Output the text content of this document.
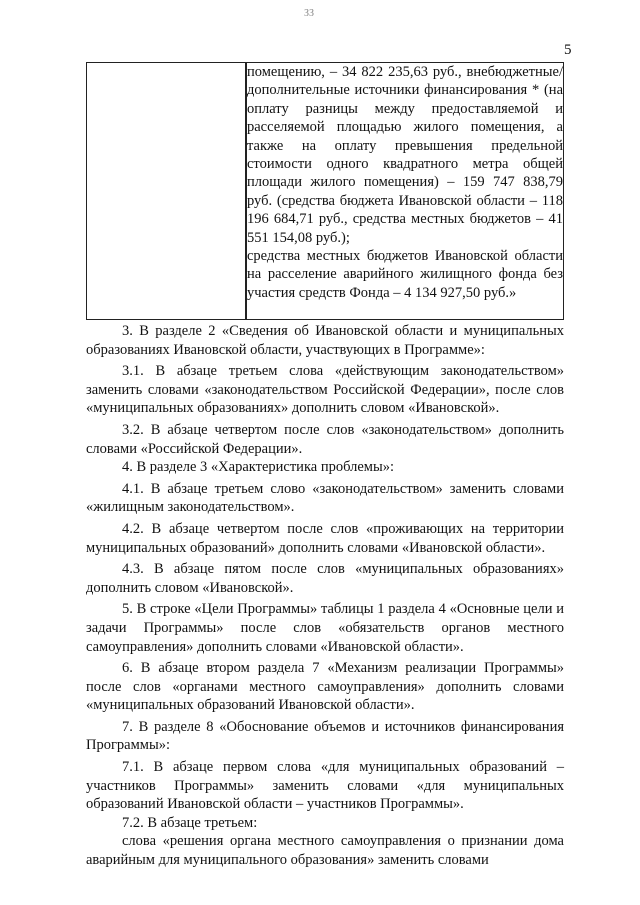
ЗЗ
5

помещению, – 34 822 235,63 руб., внебюджетные/дополнительные источники финансирования * (на оплату разницы между предоставляемой и расселяемой площадью жилого помещения, а также на оплату превышения предельной стоимости одного квадратного метра общей площади жилого помещения) – 159 747 838,79 руб. (средства бюджета Ивановской области – 118 196 684,71 руб., средства местных бюджетов – 41 551 154,08 руб.);

средства местных бюджетов Ивановской области на расселение аварийного жилищного фонда без участия средств Фонда – 4 134 927,50 руб.»

3. В разделе 2 «Сведения об Ивановской области и муниципальных образованиях Ивановской области, участвующих в Программе»:

3.1. В абзаце третьем слова «действующим законодательством» заменить словами «законодательством Российской Федерации», после слов «муниципальных образованиях» дополнить словом «Ивановской».

3.2. В абзаце четвертом после слов «законодательством» дополнить словами «Российской Федерации».

4. В разделе 3 «Характеристика проблемы»:

4.1. В абзаце третьем слово «законодательством» заменить словами «жилищным законодательством».

4.2. В абзаце четвертом после слов «проживающих на территории муниципальных образований» дополнить словами «Ивановской области».

4.3. В абзаце пятом после слов «муниципальных образованиях» дополнить словом «Ивановской».

5. В строке «Цели Программы» таблицы 1 раздела 4 «Основные цели и задачи Программы» после слов «обязательств органов местного самоуправления» дополнить словами «Ивановской области».

6. В абзаце втором раздела 7 «Механизм реализации Программы» после слов «органами местного самоуправления» дополнить словами «муниципальных образований Ивановской области».

7. В разделе 8 «Обоснование объемов и источников финансирования Программы»:

7.1. В абзаце первом слова «для муниципальных образований – участников Программы» заменить словами «для муниципальных образований Ивановской области – участников Программы».

7.2. В абзаце третьем:

слова «решения органа местного самоуправления о признании дома аварийным для муниципального образования» заменить словами
